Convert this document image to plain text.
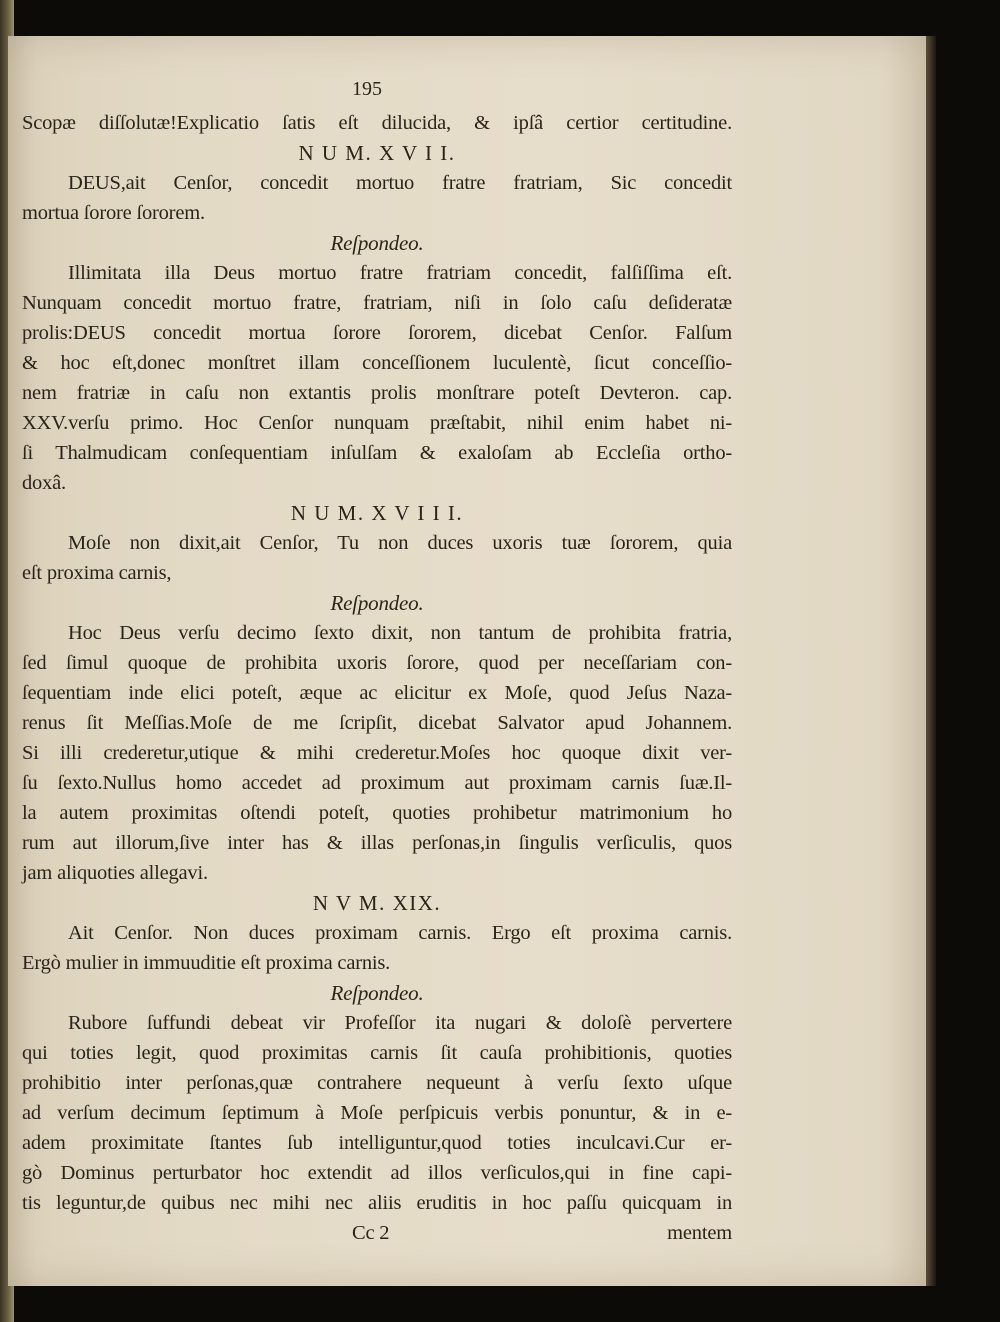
195
Scopæ diſſolutæ!Explicatio ſatis eſt dilucida, & ipſâ certior certitudine.
N U M. X V I I.
DEUS,ait Cenſor, concedit mortuo fratre fratriam, Sic concedit
mortua ſorore ſororem.
Reſpondeo.
Illimitata illa Deus mortuo fratre fratriam concedit, falſiſſima eſt.
Nunquam concedit mortuo fratre, fratriam, niſi in ſolo caſu deſideratæ
prolis:DEUS concedit mortua ſorore ſororem, dicebat Cenſor. Falſum
& hoc eſt,donec monſtret illam conceſſionem luculentè, ſicut conceſſio-
nem fratriæ in caſu non extantis prolis monſtrare poteſt Devteron. cap.
XXV.verſu primo. Hoc Cenſor nunquam præſtabit, nihil enim habet ni-
ſi Thalmudicam conſequentiam inſulſam & exaloſam ab Eccleſia ortho-
doxâ.
N U M. X V I I I.
Moſe non dixit,ait Cenſor, Tu non duces uxoris tuæ ſororem, quia
eſt proxima carnis,
Reſpondeo.
Hoc Deus verſu decimo ſexto dixit, non tantum de prohibita fratria,
ſed ſimul quoque de prohibita uxoris ſorore, quod per neceſſariam con-
ſequentiam inde elici poteſt, æque ac elicitur ex Moſe, quod Jeſus Naza-
renus ſit Meſſias.Moſe de me ſcripſit, dicebat Salvator apud Johannem.
Si illi crederetur,utique & mihi crederetur.Moſes hoc quoque dixit ver-
ſu ſexto.Nullus homo accedet ad proximum aut proximam carnis ſuæ.Il-
la autem proximitas oſtendi poteſt, quoties prohibetur matrimonium ho
rum aut illorum,ſive inter has & illas perſonas,in ſingulis verſiculis, quos
jam aliquoties allegavi.
N V M. XIX.
Ait Cenſor. Non duces proximam carnis. Ergo eſt proxima carnis.
Ergò mulier in immuuditie eſt proxima carnis.
Reſpondeo.
Rubore ſuffundi debeat vir Profeſſor ita nugari & doloſè pervertere
qui toties legit, quod proximitas carnis ſit cauſa prohibitionis, quoties
prohibitio inter perſonas,quæ contrahere nequeunt à verſu ſexto uſque
ad verſum decimum ſeptimum à Moſe perſpicuis verbis ponuntur, & in e-
adem proximitate ſtantes ſub intelliguntur,quod toties inculcavi.Cur er-
gò Dominus perturbator hoc extendit ad illos verſiculos,qui in fine capi-
tis leguntur,de quibus nec mihi nec aliis eruditis in hoc paſſu quicquam in
Cc 2	mentem
